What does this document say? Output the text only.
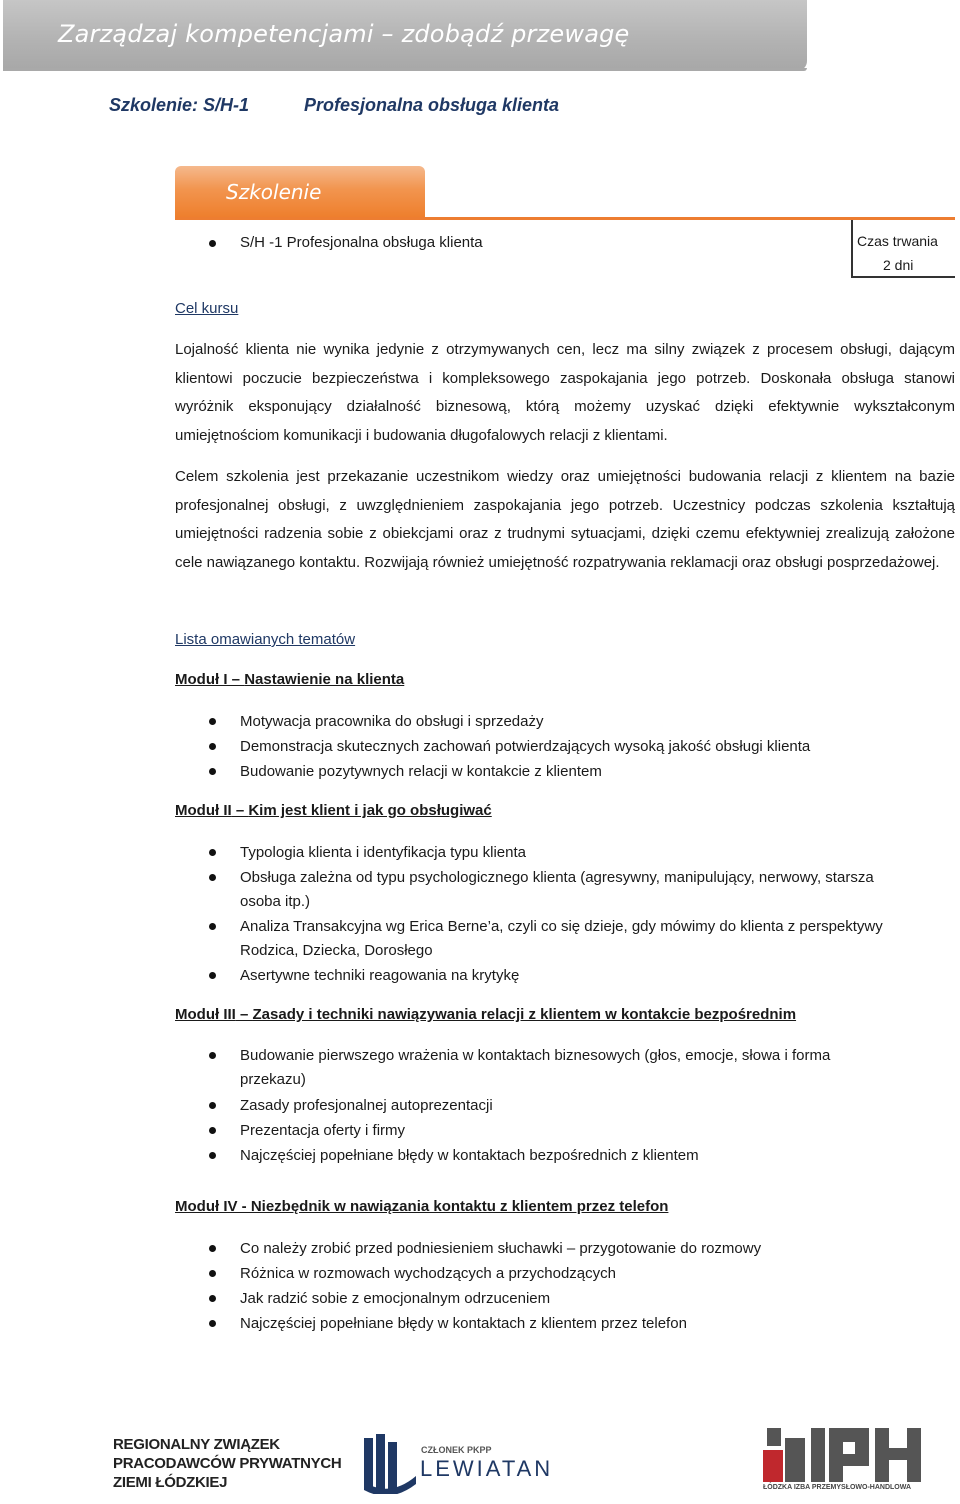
Zarządzaj kompetencjami – zdobądź przewagę
Szkolenie: S/H-1	Profesjonalna obsługa klienta
Szkolenie
S/H -1 Profesjonalna obsługa klienta	Czas trwania
2 dni
Cel kursu
Lojalność klienta nie wynika jedynie z otrzymywanych cen, lecz ma silny związek z procesem obsługi, dającym klientowi poczucie bezpieczeństwa i kompleksowego zaspokajania jego potrzeb. Doskonała obsługa stanowi wyróżnik eksponujący działalność biznesową, którą możemy uzyskać dzięki efektywnie wykształconym umiejętnościom komunikacji i budowania długofalowych relacji z klientami.
Celem szkolenia jest przekazanie uczestnikom wiedzy oraz umiejętności budowania relacji z klientem na bazie profesjonalnej obsługi, z uwzględnieniem zaspokajania jego potrzeb. Uczestnicy podczas szkolenia kształtują umiejętności radzenia sobie z obiekcjami oraz z trudnymi sytuacjami, dzięki czemu efektywniej zrealizują założone cele nawiązanego kontaktu. Rozwijają również umiejętność rozpatrywania reklamacji oraz obsługi posprzedażowej.
Lista omawianych tematów
Moduł I – Nastawienie na klienta
Motywacja pracownika do obsługi i sprzedaży
Demonstracja skutecznych zachowań potwierdzających wysoką jakość obsługi klienta
Budowanie pozytywnych relacji w kontakcie z klientem
Moduł II – Kim jest klient i jak go obsługiwać
Typologia klienta i identyfikacja typu klienta
Obsługa zależna od typu psychologicznego klienta (agresywny, manipulujący, nerwowy, starsza
osoba itp.)
Analiza Transakcyjna wg Erica Berne’a, czyli co się dzieje, gdy mówimy do klienta z perspektywy
Rodzica, Dziecka, Dorosłego
Asertywne techniki reagowania na krytykę
Moduł III – Zasady i techniki nawiązywania relacji z klientem w kontakcie bezpośrednim
Budowanie pierwszego wrażenia w kontaktach biznesowych (głos, emocje, słowa i forma
przekazu)
Zasady profesjonalnej autoprezentacji
Prezentacja oferty i firmy
Najczęściej popełniane błędy w kontaktach bezpośrednich z klientem
Moduł IV - Niezbędnik w nawiązania kontaktu z klientem przez telefon
Co należy zrobić przed podniesieniem słuchawki – przygotowanie do rozmowy
Różnica w rozmowach wychodzących a przychodzących
Jak radzić sobie z emocjonalnym odrzuceniem
Najczęściej popełniane błędy w kontaktach z klientem przez telefon
REGIONALNY ZWIĄZEK
PRACODAWCÓW PRYWATNYCH
ZIEMI ŁÓDZKIEJ
CZŁONEK PKPP
LEWIATAN
ŁÓDZKA IZBA PRZEMYSŁOWO-HANDLOWA
